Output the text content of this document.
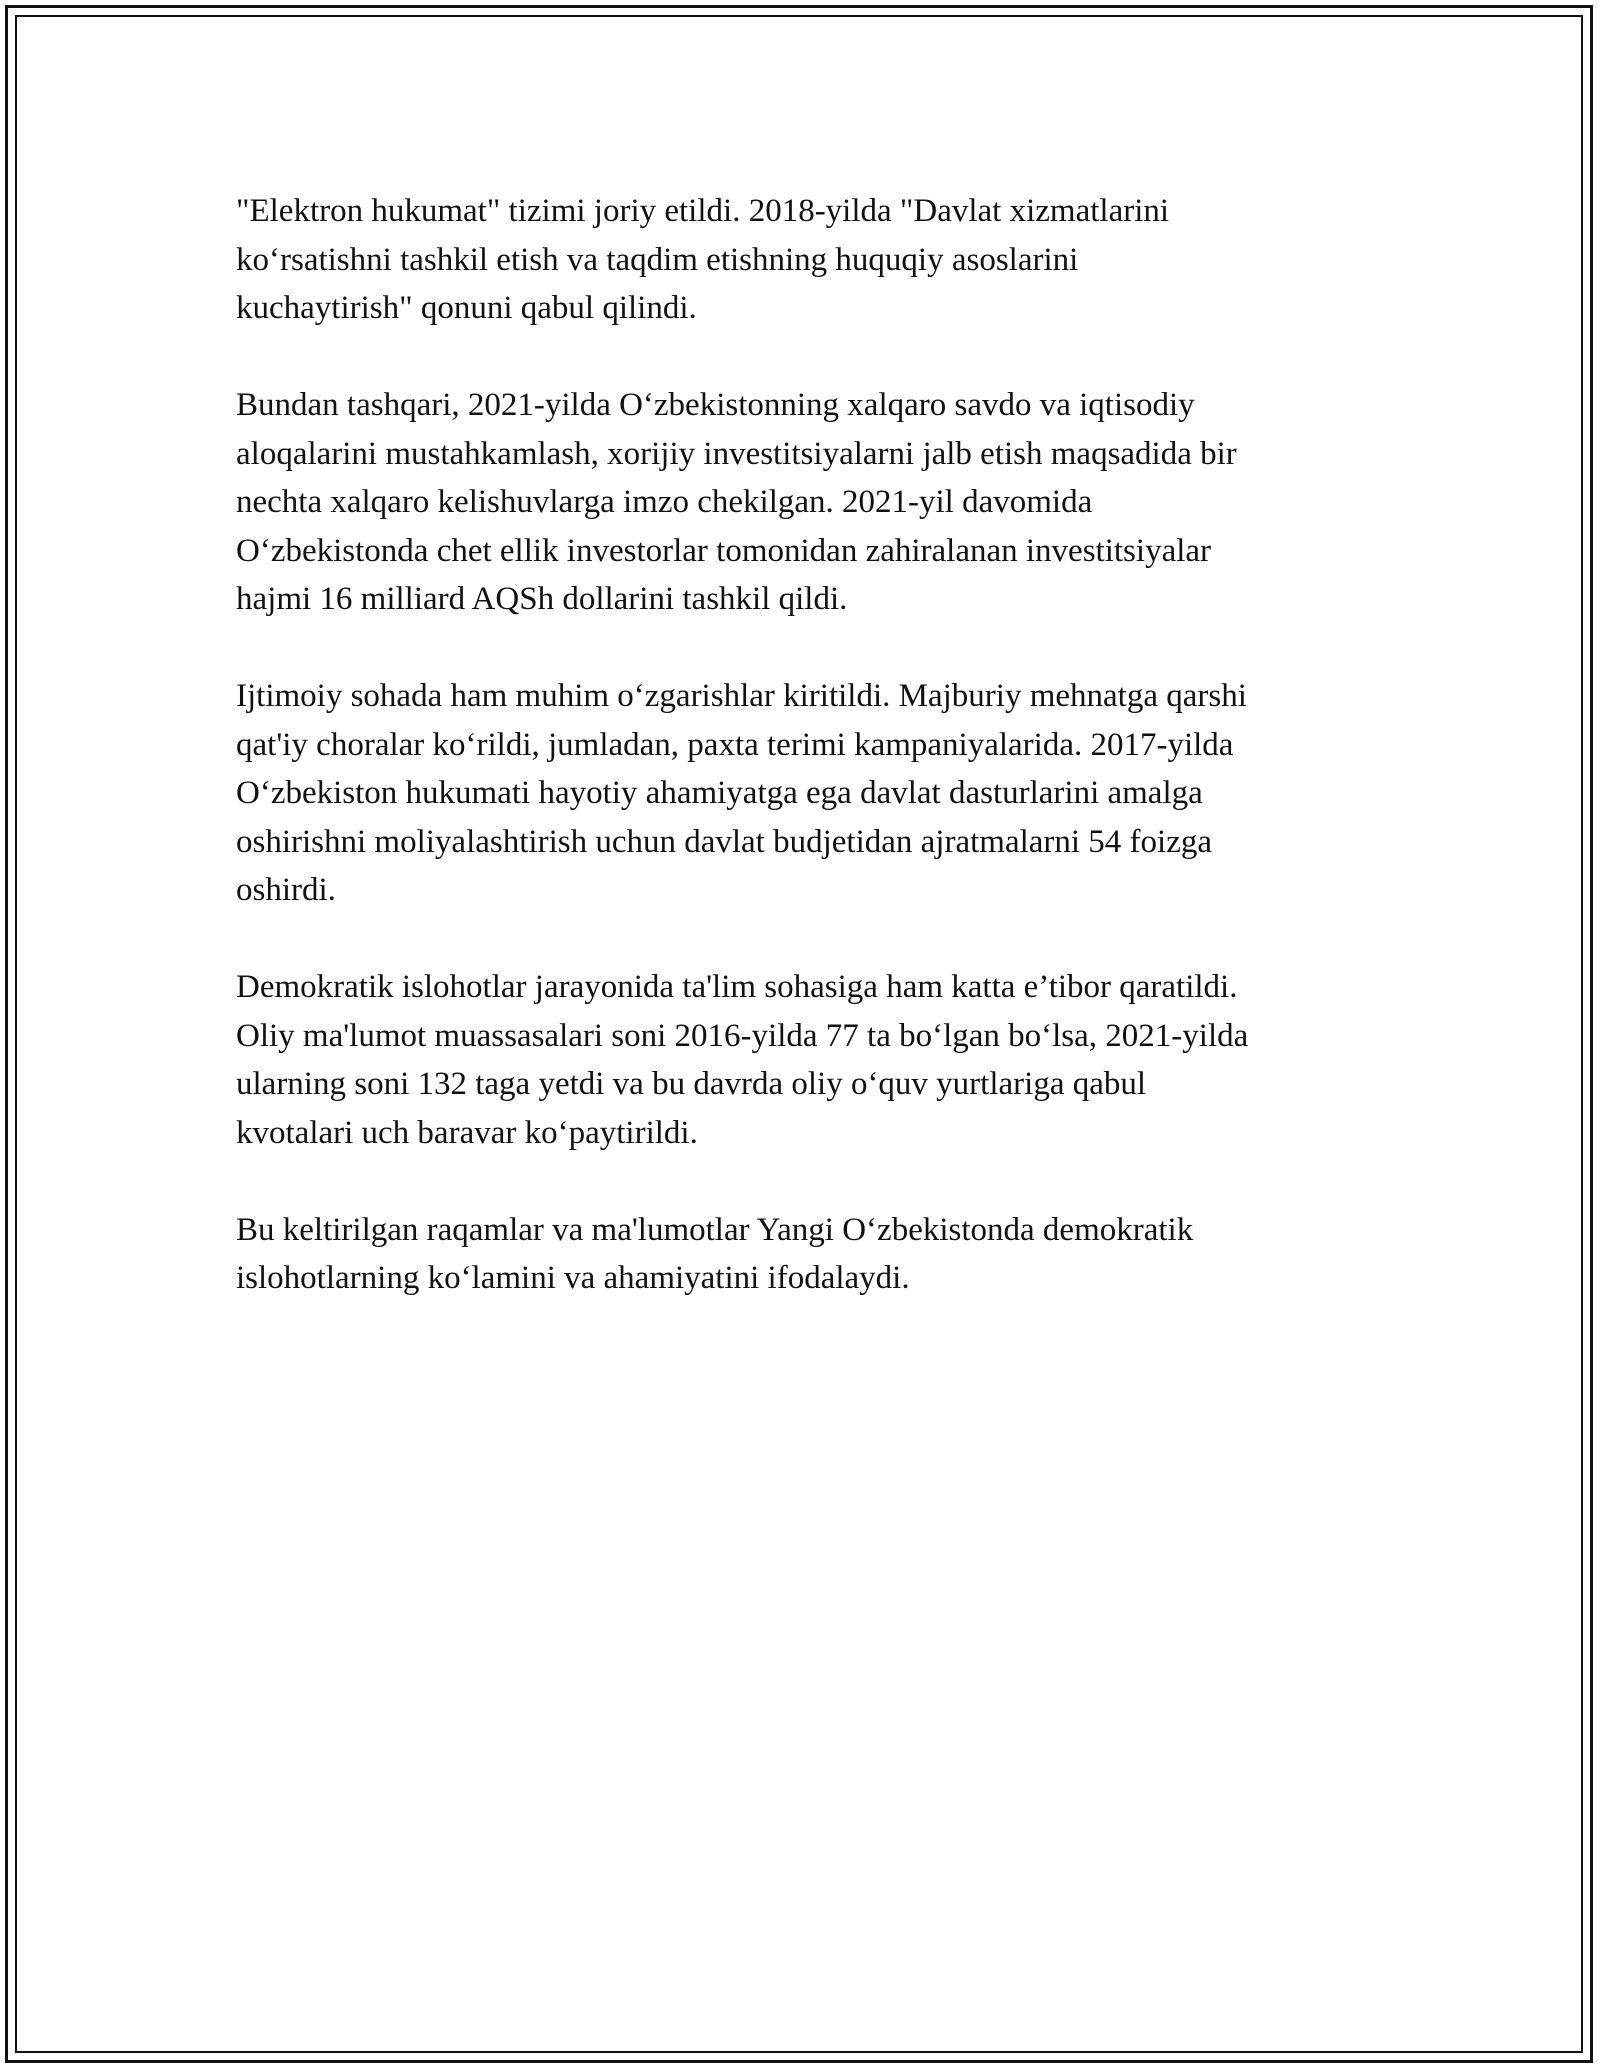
"Elektron hukumat" tizimi joriy etildi. 2018-yilda "Davlat xizmatlarini
ko‘rsatishni tashkil etish va taqdim etishning huquqiy asoslarini
kuchaytirish" qonuni qabul qilindi.

Bundan tashqari, 2021-yilda O‘zbekistonning xalqaro savdo va iqtisodiy
aloqalarini mustahkamlash, xorijiy investitsiyalarni jalb etish maqsadida bir
nechta xalqaro kelishuvlarga imzo chekilgan. 2021-yil davomida
O‘zbekistonda chet ellik investorlar tomonidan zahiralanan investitsiyalar
hajmi 16 milliard AQSh dollarini tashkil qildi.

Ijtimoiy sohada ham muhim o‘zgarishlar kiritildi. Majburiy mehnatga qarshi
qat'iy choralar ko‘rildi, jumladan, paxta terimi kampaniyalarida. 2017-yilda
O‘zbekiston hukumati hayotiy ahamiyatga ega davlat dasturlarini amalga
oshirishni moliyalashtirish uchun davlat budjetidan ajratmalarni 54 foizga
oshirdi.

Demokratik islohotlar jarayonida ta'lim sohasiga ham katta e’tibor qaratildi.
Oliy ma'lumot muassasalari soni 2016-yilda 77 ta bo‘lgan bo‘lsa, 2021-yilda
ularning soni 132 taga yetdi va bu davrda oliy o‘quv yurtlariga qabul
kvotalari uch baravar ko‘paytirildi.

Bu keltirilgan raqamlar va ma'lumotlar Yangi O‘zbekistonda demokratik
islohotlarning ko‘lamini va ahamiyatini ifodalaydi.
